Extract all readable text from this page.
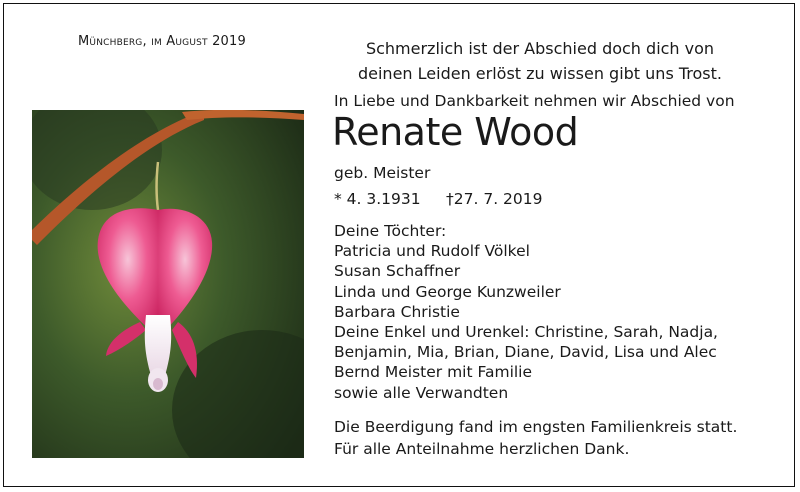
Münchberg, im August 2019	Schmerzlich ist der Abschied doch dich von
deinen Leiden erlöst zu wissen gibt uns Trost.
In Liebe und Dankbarkeit nehmen wir Abschied von
Renate Wood
geb. Meister
* 4. 3.1931 †27. 7. 2019
Deine Töchter:
Patricia und Rudolf Völkel
Susan Schaffner
Linda und George Kunzweiler
Barbara Christie
Deine Enkel und Urenkel: Christine, Sarah, Nadja,
Benjamin, Mia, Brian, Diane, David, Lisa und Alec
Bernd Meister mit Familie
sowie alle Verwandten
Die Beerdigung fand im engsten Familienkreis statt.
Für alle Anteilnahme herzlichen Dank.
